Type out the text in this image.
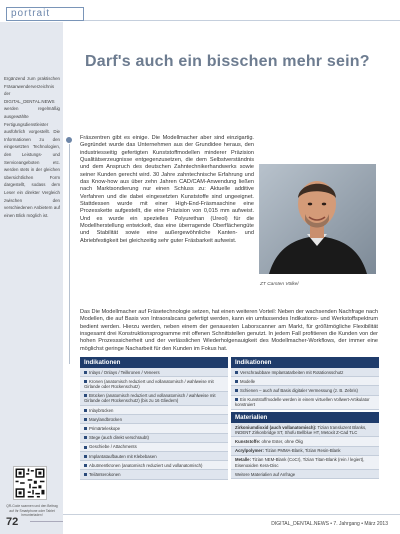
portrait
Ergänzend zum praktischen Fräsanwenderverzeichnis der DIGITAL_DENTAL.NEWS werden regelmäßig ausgewählte Fertigungsdienstleister ausführlich vorgestellt. Die Informationen zu den eingesetzten Technologien, den Leistungs- und Serviceangeboten etc. werden stets in der gleichen übersichtlichen Form dargestellt, sodass dem Leser ein direkter Vergleich zwischen den verschiedenen Anbietern auf einen Blick möglich ist.
QR-Code scannen und den Beitrag auf Ihr Smartphone oder Tablet herunterladen!
Darf's auch ein bisschen mehr sein?
Fräszentren gibt es einige. Die Modellmacher aber sind einzigartig. Gegründet wurde das Unternehmen aus der Grundidee heraus, den industriesseitig gefertigten Kunststoffmodellen minderer Präzision Qualitätserzeugnisse entgegenzusetzen, die dem Selbstverständnis und dem Anspruch des deutschen Zahntechnikerhandwerks sowie seiner Kunden gerecht wird. 30 Jahre zahntechnische Erfahrung und das Know-how aus über zehn Jahren CAD/CAM-Anwendung ließen nach Marktsondierung nur einen Schluss zu: Aktuelle additive Verfahren und die dabei eingesetzten Kunststoffe sind ungeeignet. Stattdessen wurde mit einer High-End-Fräsmaschine eine Prozesskette aufgestellt, die eine Präzision von 0,015 mm aufweist. Und es wurde ein spezielles Polyurethan (Ureol) für die Modellherstellung entwickelt, das eine überragende Oberflächengüte und Stabilität sowie eine außergewöhnliche Kanten- und Abriebfestigkeit bei gleichzeitig sehr guter Fräsbarkeit aufweist.
ZT Carsten Völkel
Das Die Modellmacher auf Fräsetechnologie setzen, hat einen weiteren Vorteil: Neben der wachsenden Nachfrage nach Modellen, die auf Basis von Intraoralscans gefertigt werden, kann ein umfassendes Indikations- und Werkstoffspektrum bedient werden. Hierzu werden, neben einem der genauesten Laborscanner am Markt, für größtmögliche Flexibilität insgesamt drei Konstruktionsprogramme mit offenen Schnittstellen genutzt. In jedem Fall profitieren die Kunden von der hohen Prozesssicherheit und der verlässlichen Wiederholgenauigkeit des Modellmacher-Workflows, der immer eine möglichst geringe Nacharbeit für den Kunden im Fokus hat.
Indikationen
Inlays / Onlays / Teilkronen / Veneers
Kronen (anatomisch reduziert und vollanatomisch / wahlweise mit Girlande oder Rückenschutz)
Brücken (anatomisch reduziert und vollanatomisch / wahlweise mit Girlande oder Rückenschutz) (bis zu 16 Gliedern)
Inlaybrücken
Marylandbrücken
Primärteleskope
Stege (auch direkt verschraubt)
Geschiebe / Attachments
Implantataufbauten mit Klebebasen
Abutmentkronen (anatomisch reduziert und vollanatomisch)
Teilämterokonen
Indikationen
Verschraubbare Implantatarbeiten mit Rotationsschutz
Modelle
Schienen – auch auf Basis digitaler Vermessung (z. B. Zebris)
Ein Kunststoffmodelle werden in einem virtuellen Vollwert-Artikulator konstruiert
Materialien
Zirkoniumdioxid (auch vollanatomisch): Tizian transluzent Blanks, INDENT Zirkonbridge ST, Shofu Bellblue HT, Metoxit Z-Cad TLC
Kunststoffe: ohne Ester, ohne Ölig
Acrylpolymer: Tizian PMMA-Blank, Tizian Resin-Blank
Metalle: Tizian NEM-Blank (CoCr), Tizian Titan-Blank (rein / legiert), Eisenoxiden Kera-Disc
Weitere Materialien auf Anfrage
72	DIGITAL_DENTAL.NEWS • 7. Jahrgang • März 2013
